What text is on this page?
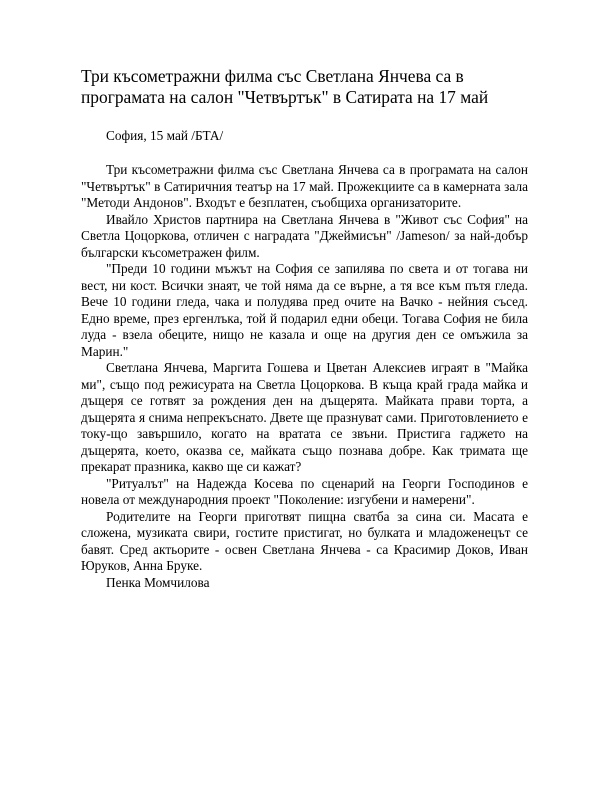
Три късометражни филма със Светлана Янчева са в програмата на салон "Четвъртък" в Сатирата на 17 май

София, 15 май /БТА/

Три късометражни филма със Светлана Янчева са в програмата на салон "Четвъртък" в Сатиричния театър на 17 май. Прожекциите са в камерната зала "Методи Андонов". Входът е безплатен, съобщиха организаторите.

Ивайло Христов партнира на Светлана Янчева в "Живот със София" на Светла Цоцоркова, отличен с наградата "Джеймисън" /Jameson/ за най-добър български късометражен филм.

"Преди 10 години мъжът на София се запилява по света и от тогава ни вест, ни кост. Всички знаят, че той няма да се върне, а тя все към пътя гледа. Вече 10 години гледа, чака и полудява пред очите на Вачко - нейния съсед. Едно време, през ергенлъка, той й подарил едни обеци. Тогава София не била луда - взела обеците, нищо не казала и още на другия ден се омъжила за Марин."

Светлана Янчева, Маргита Гошева и Цветан Алексиев играят в "Майка ми", също под режисурата на Светла Цоцоркова. В къща край града майка и дъщеря се готвят за рождения ден на дъщерята. Майката прави торта, а дъщерята я снима непрекъснато. Двете ще празнуват сами. Приготовлението е току-що завършило, когато на вратата се звъни. Пристига гаджето на дъщерята, което, оказва се, майката също познава добре. Как тримата ще прекарат празника, какво ще си кажат?

"Ритуалът" на Надежда Косева по сценарий на Георги Господинов е новела от международния проект "Поколение: изгубени и намерени".

Родителите на Георги приготвят пищна сватба за сина си. Масата е сложена, музиката свири, гостите пристигат, но булката и младоженецът се бавят. Сред актьорите - освен Светлана Янчева - са Красимир Доков, Иван Юруков, Анна Бруке.

Пенка Момчилова
